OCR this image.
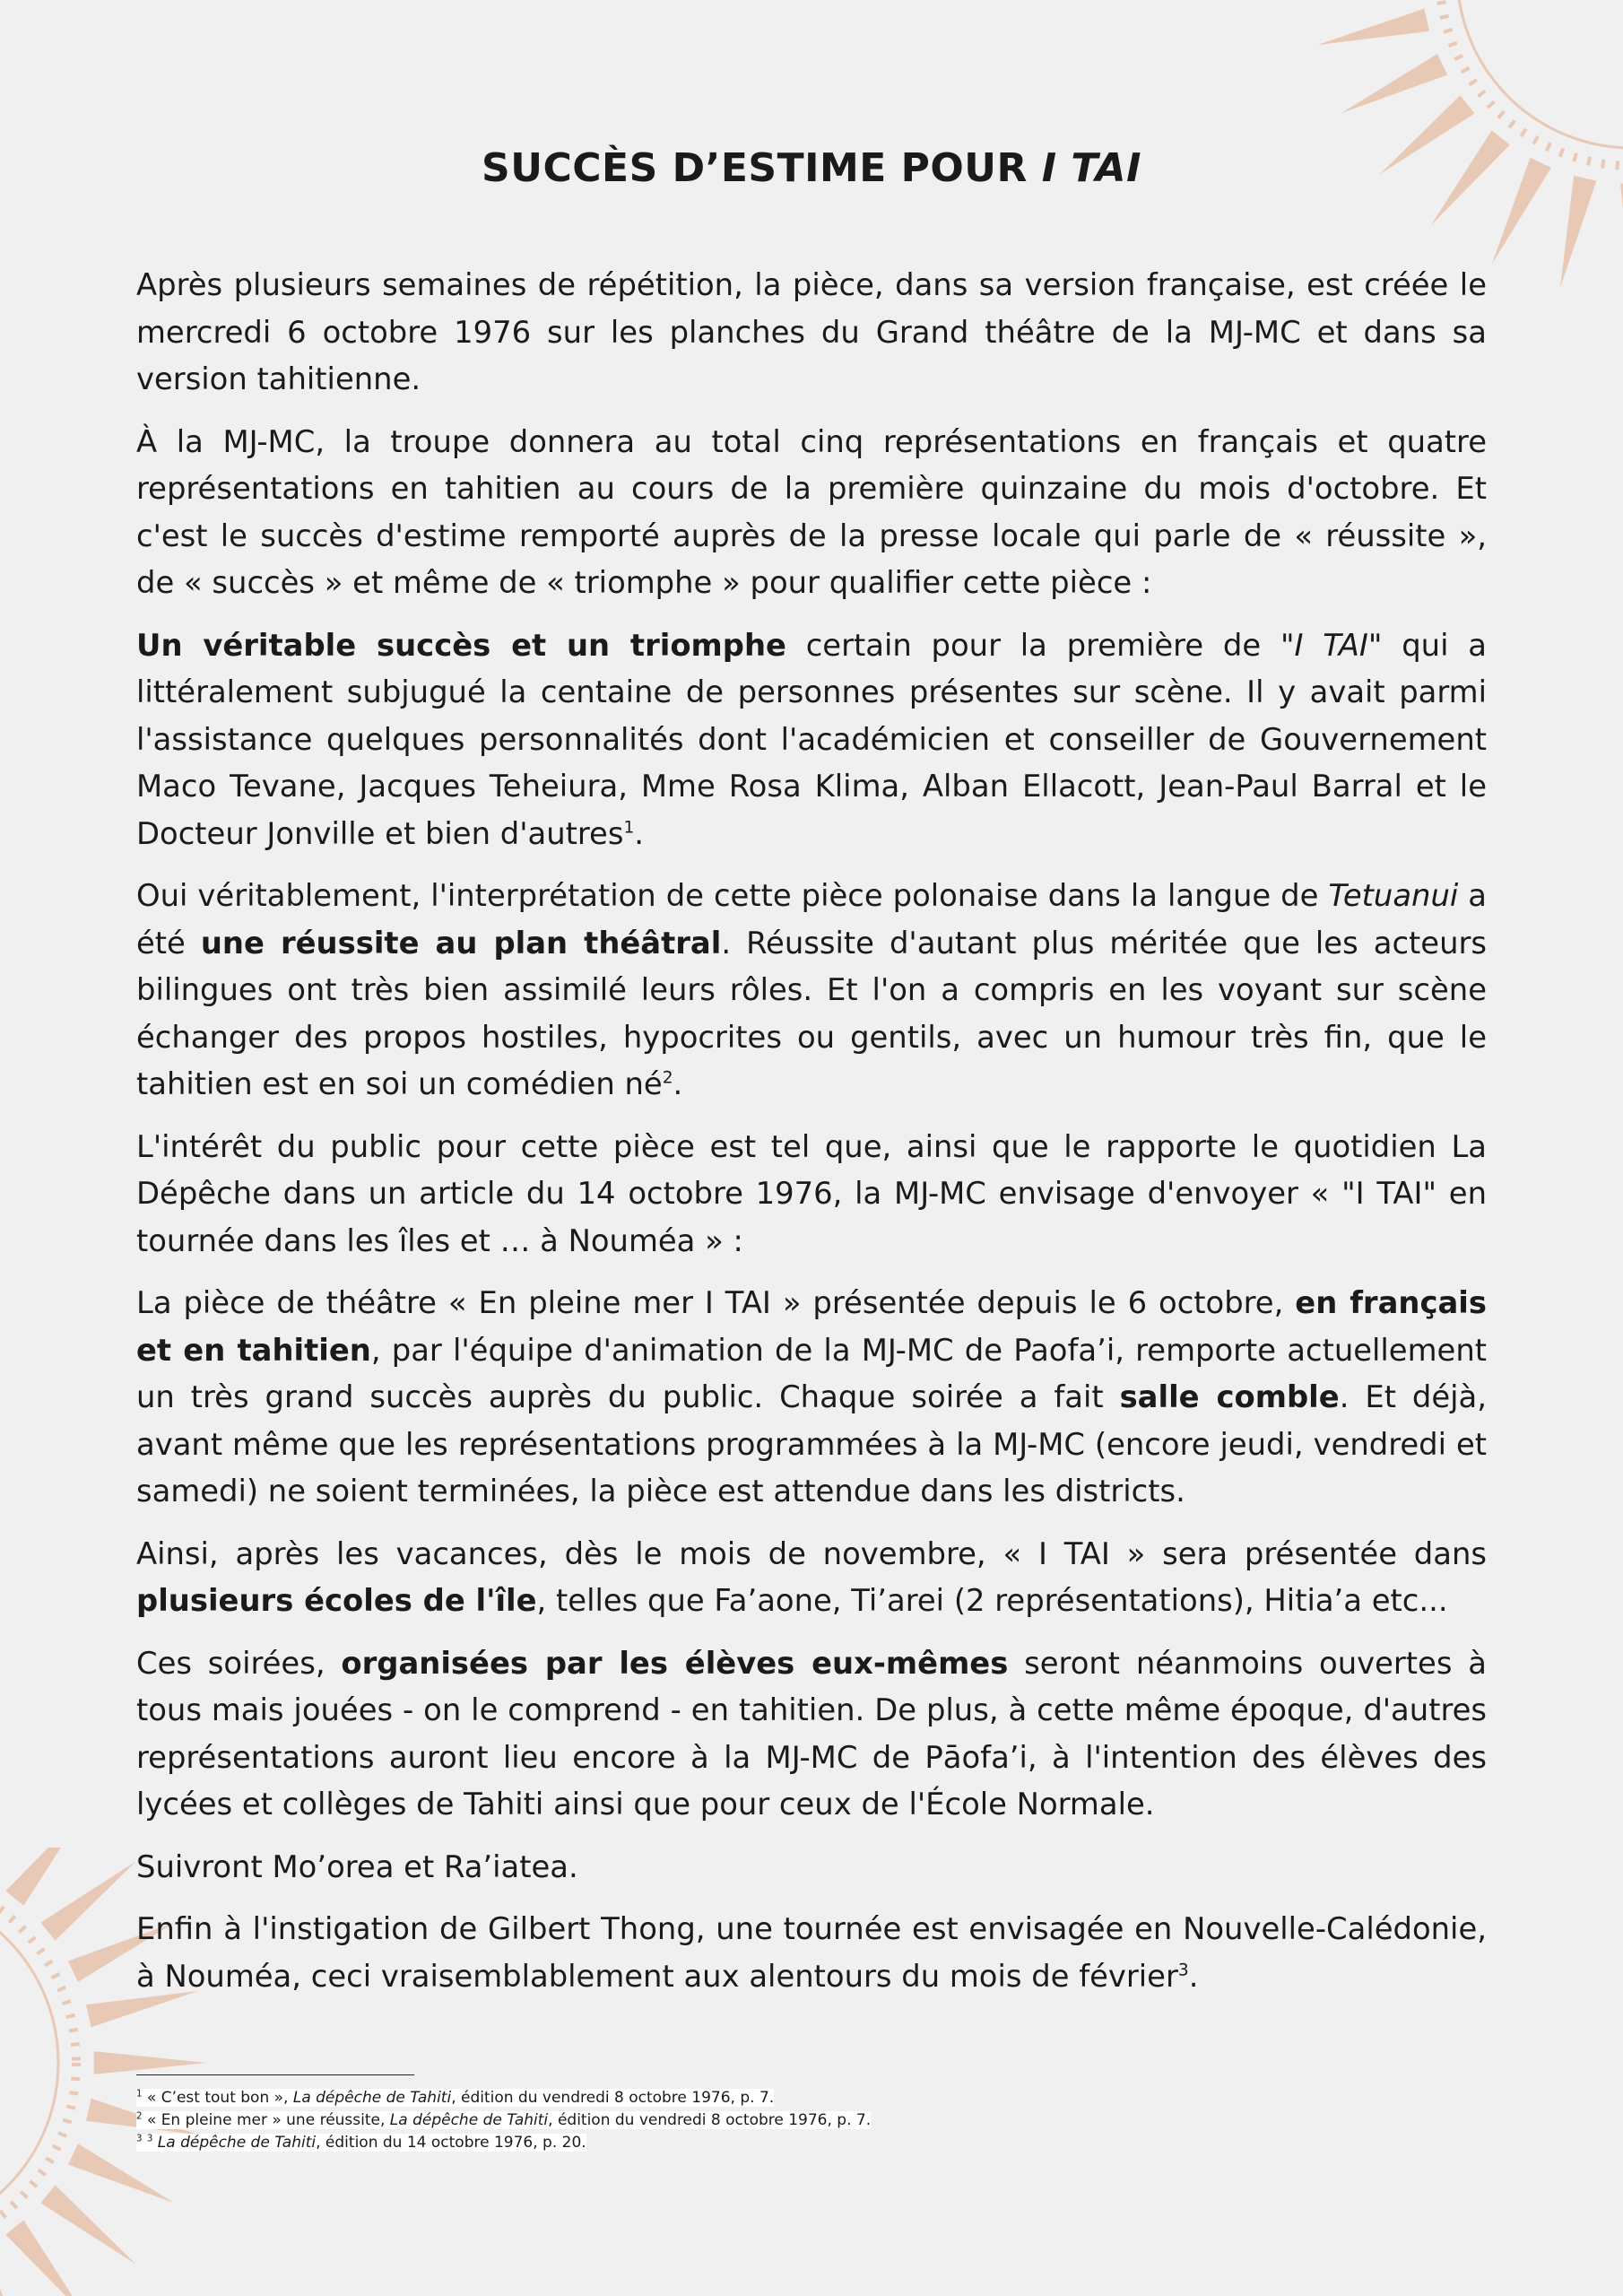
SUCCÈS D’ESTIME POUR I TAI

Après plusieurs semaines de répétition, la pièce, dans sa version française, est créée le mercredi 6 octobre 1976 sur les planches du Grand théâtre de la MJ-MC et dans sa version tahitienne.

À la MJ-MC, la troupe donnera au total cinq représentations en français et quatre représentations en tahitien au cours de la première quinzaine du mois d'octobre. Et c'est le succès d'estime remporté auprès de la presse locale qui parle de « réussite », de « succès » et même de « triomphe » pour qualifier cette pièce :

Un véritable succès et un triomphe certain pour la première de "I TAI" qui a littéralement subjugué la centaine de personnes présentes sur scène. Il y avait parmi l'assistance quelques personnalités dont l'académicien et conseiller de Gouvernement Maco Tevane, Jacques Teheiura, Mme Rosa Klima, Alban Ellacott, Jean-Paul Barral et le Docteur Jonville et bien d'autres$^1$.

Oui véritablement, l'interprétation de cette pièce polonaise dans la langue de Tetuanui a été une réussite au plan théâtral. Réussite d'autant plus méritée que les acteurs bilingues ont très bien assimilé leurs rôles. Et l'on a compris en les voyant sur scène échanger des propos hostiles, hypocrites ou gentils, avec un humour très fin, que le tahitien est en soi un comédien $né^2$.

L'intérêt du public pour cette pièce est tel que, ainsi que le rapporte le quotidien La Dépêche dans un article du 14 octobre 1976, la MJ-MC envisage d'envoyer « "I TAI" en tournée dans les îles et … à Nouméa » :

La pièce de théâtre « En pleine mer I TAI » présentée depuis le 6 octobre, en français et en tahitien, par l'équipe d'animation de la MJ-MC de Paofa’i, remporte actuellement un très grand succès auprès du public. Chaque soirée a fait salle comble. Et déjà, avant même que les représentations programmées à la MJ-MC (encore jeudi, vendredi et samedi) ne soient terminées, la pièce est attendue dans les districts.

Ainsi, après les vacances, dès le mois de novembre, « I TAI » sera présentée dans plusieurs écoles de l'île, telles que Fa’aone, Ti’arei (2 représentations), Hitia’a etc...

Ces soirées, organisées par les élèves eux-mêmes seront néanmoins ouvertes à tous mais jouées - on le comprend - en tahitien. De plus, à cette même époque, d'autres représentations auront lieu encore à la MJ-MC de Pāofa’i, à l'intention des élèves des lycées et collèges de Tahiti ainsi que pour ceux de l'École Normale.

Suivront Mo’orea et Ra’iatea.

Enfin à l'instigation de Gilbert Thong, une tournée est envisagée en Nouvelle-Calédonie, à Nouméa, ceci vraisemblablement aux alentours du mois de février$^3$.

$^1$ « C’est tout bon », La dépêche de Tahiti, édition du vendredi 8 octobre 1976, p. 7.
$^2$ « En pleine mer » une réussite, La dépêche de Tahiti, édition du vendredi 8 octobre 1976, p. 7.
$^3$ $^3$ La dépêche de Tahiti, édition du 14 octobre 1976, p. 20.
